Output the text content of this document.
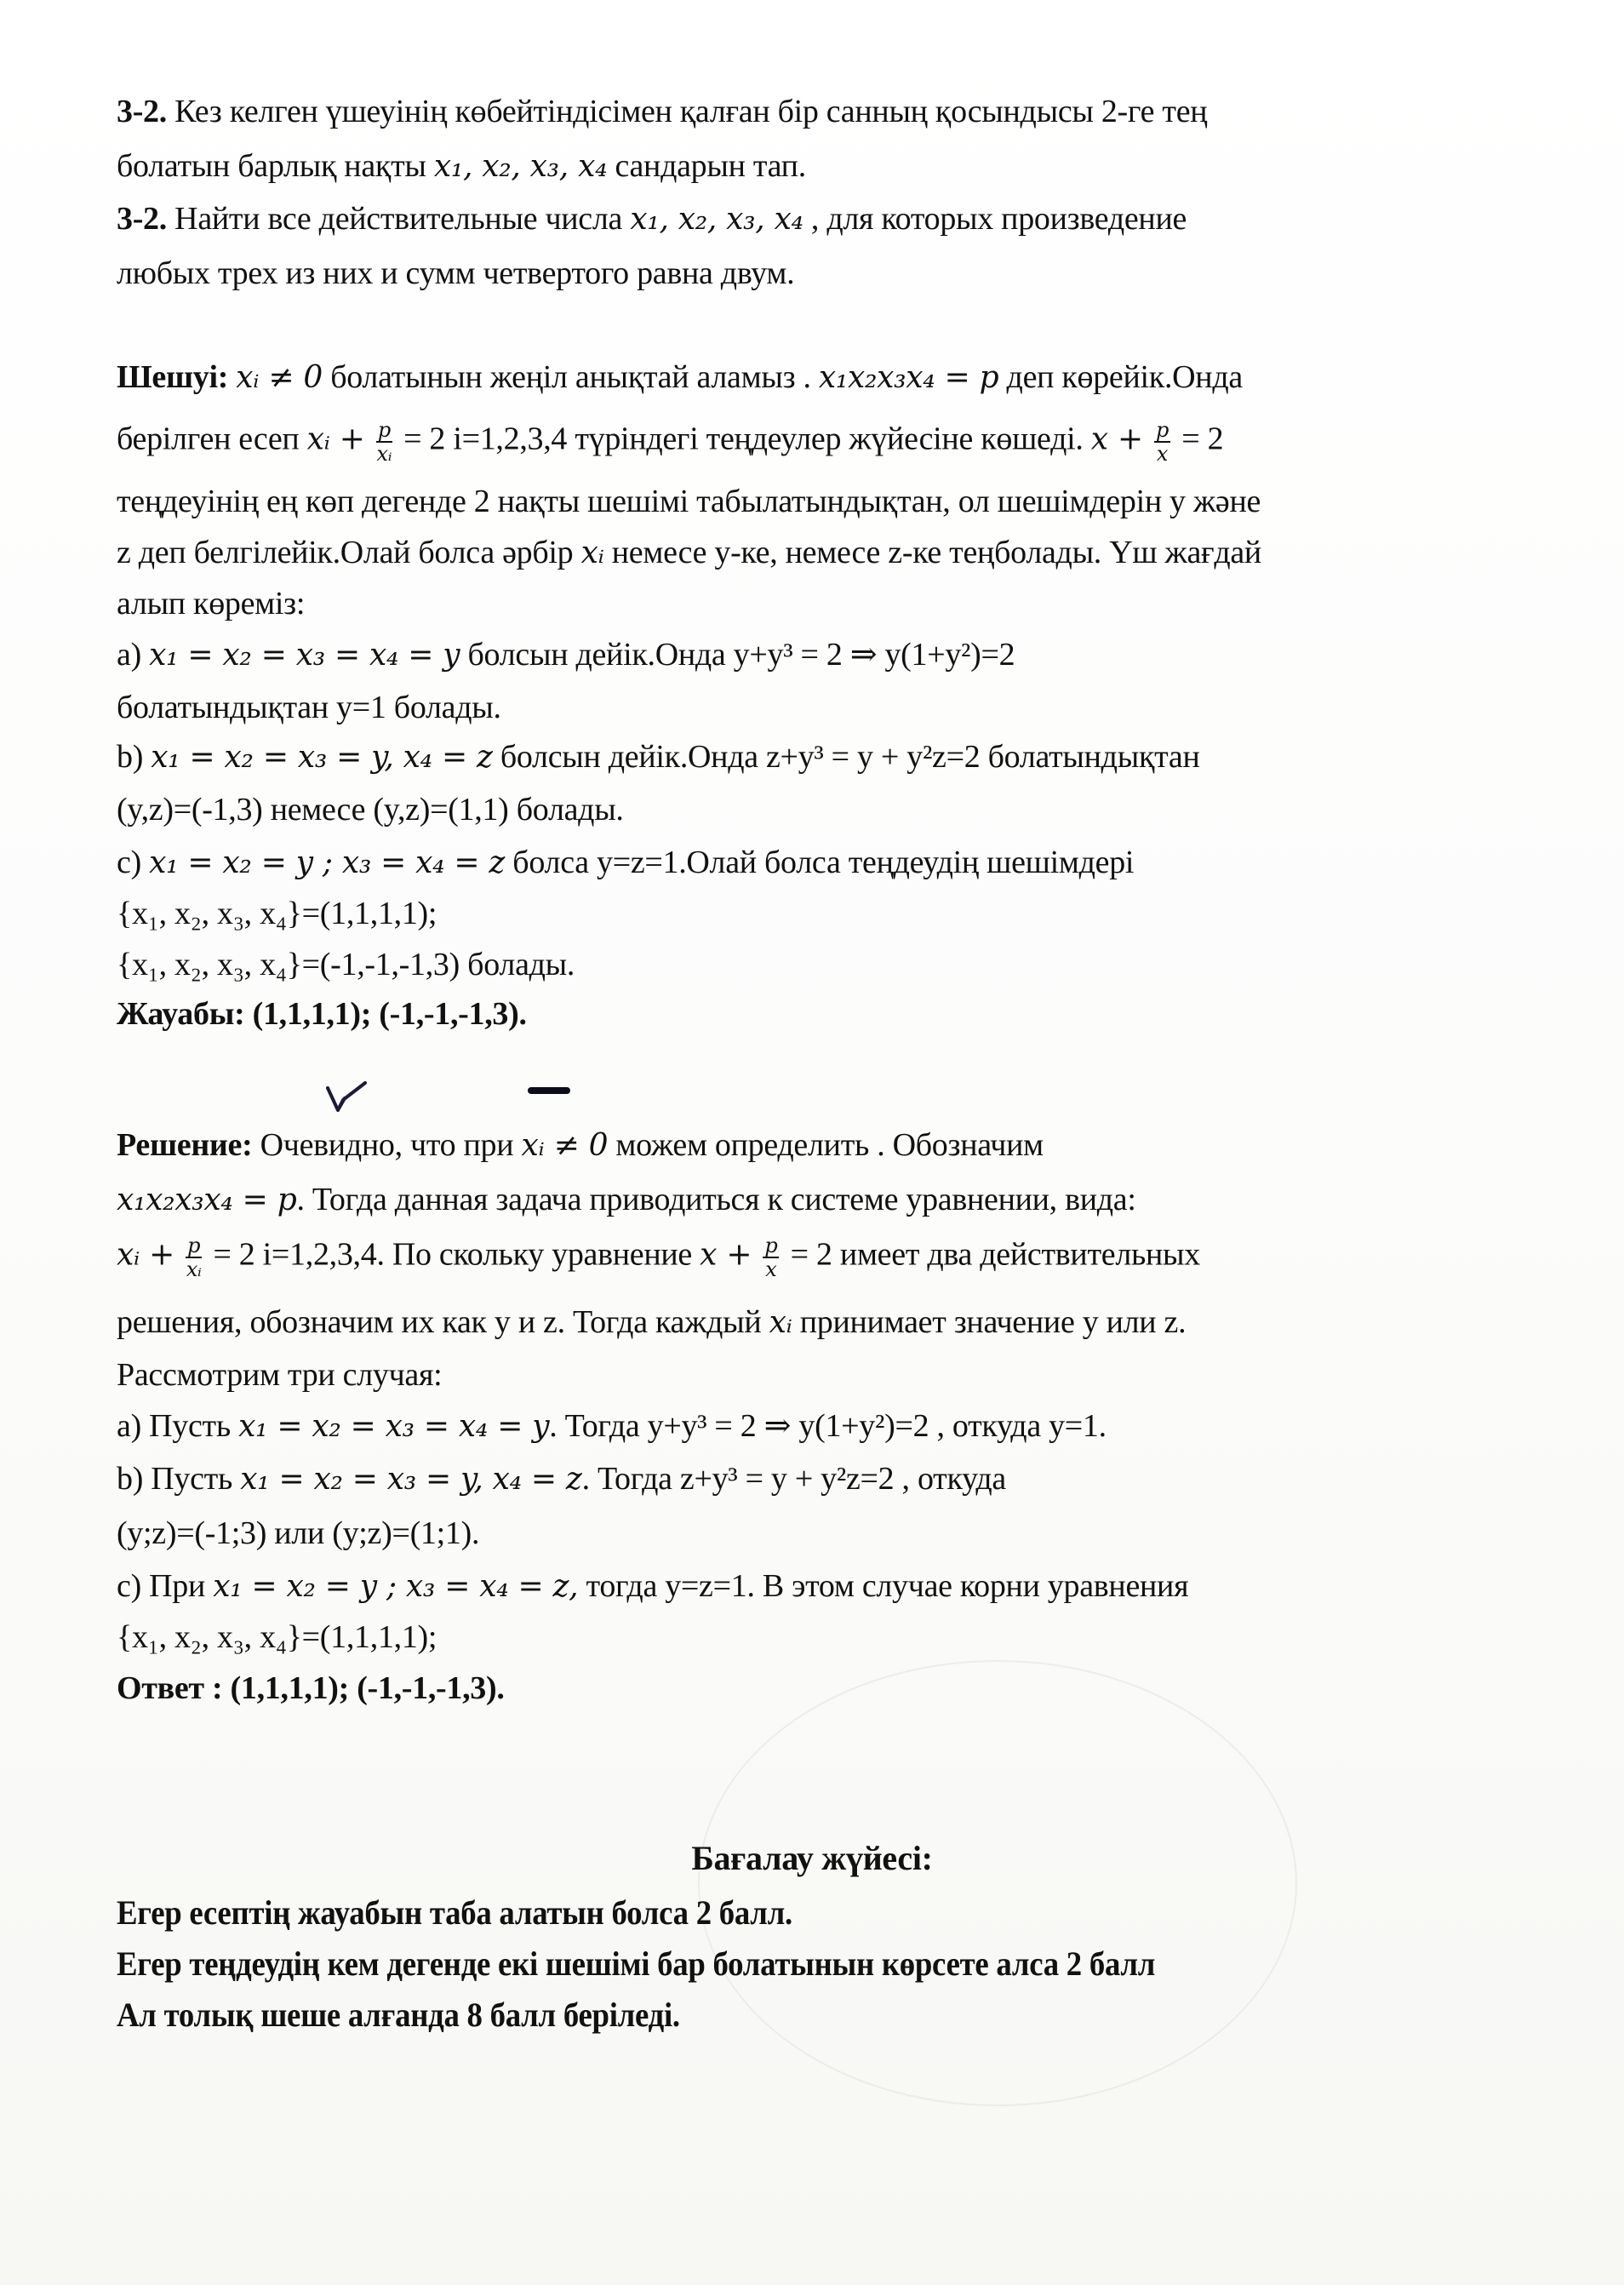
3-2. Кез келген үшеуінің көбейтіндісімен қалған бір санның қосындысы 2-ге тең
болатын барлық нақты x₁, x₂, x₃, x₄ сандарын тап.
3-2. Найти все действительные числа x₁, x₂, x₃, x₄ , для которых произведение
любых трех из них и сумм четвертого равна двум.
Шешуі: xᵢ ≠ 0 болатынын жеңіл анықтай аламыз . x₁x₂x₃x₄ = p деп көрейік.Онда
берілген есеп xᵢ + $\frac{p}{\text{xᵢ}} = 2$ i=1,2,3,4 түріндегі теңдеулер жүйесіне көшеді. $x + \frac{p}{x} = 2$
теңдеуінің ең көп дегенде 2 нақты шешімі табылатындықтан, ол шешімдерін y және
z деп белгілейік.Олай болса әрбір xᵢ немесе y-ке, немесе z-ке теңболады. Үш жағдай
алып көреміз:
a) x₁ = x₂ = x₃ = x₄ = y болсын дейік.Онда y+y³ = 2 ⇒ y(1+y²)=2
болатындықтан y=1 болады.
b) x₁ = x₂ = x₃ = y, x₄ = z болсын дейік.Онда z+y³ = y + y²z=2 болатындықтан
(y,z)=(-1,3) немесе (y,z)=(1,1) болады.
c) x₁ = x₂ = y ; x₃ = x₄ = z болса y=z=1.Олай болса теңдеудің шешімдері
{x₁, x₂, x₃, x₄}=(1,1,1,1);
{x₁, x₂, x₃, x₄}=(-1,-1,-1,3) болады.
Жауабы: (1,1,1,1); (-1,-1,-1,3).
Решение: Очевидно, что при xᵢ ≠ 0 можем определить . Обозначим
x₁x₂x₃x₄ = p. Тогда данная задача приводиться к системе уравнении, вида:
xᵢ + $\frac{p}{\text{xᵢ}} = 2$ i=1,2,3,4. По скольку уравнение $x + \frac{p}{x} = 2$ имеет два действительных
решения, обозначим их как y и z. Тогда каждый xᵢ принимает значение y или z.
Рассмотрим три случая:
a) Пусть x₁ = x₂ = x₃ = x₄ = y. Тогда y+y³ = 2 ⇒ y(1+y²)=2 , откуда y=1.
b) Пусть x₁ = x₂ = x₃ = y, x₄ = z. Тогда z+y³ = y + y²z=2 , откуда
(y;z)=(-1;3) или (y;z)=(1;1).
c) При x₁ = x₂ = y ; x₃ = x₄ = z, тогда y=z=1. В этом случае корни уравнения
{x₁, x₂, x₃, x₄}=(1,1,1,1);
Ответ : (1,1,1,1); (-1,-1,-1,3).
Бағалау жүйесі:
Егер есептің жауабын таба алатын болса 2 балл.
Егер теңдеудің кем дегенде екі шешімі бар болатынын көрсете алса 2 балл
Ал толық шеше алғанда 8 балл беріледі.
